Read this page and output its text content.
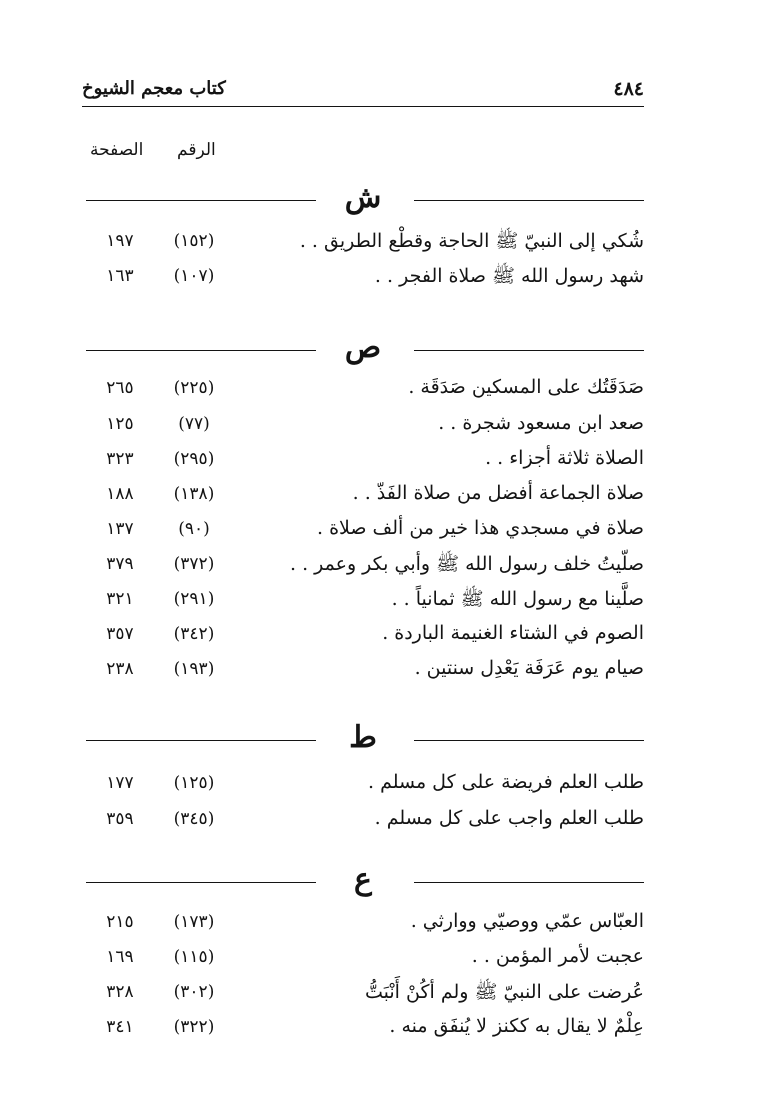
٤٨٤
كتاب معجم الشيوخ
الرقم
الصفحة
ش
شُكي إلى النبيّ ﷺ الحاجة وقطْع الطريق . .
(١٥٢)
١٩٧
شهد رسول الله ﷺ صلاة الفجر . .
(١٠٧)
١٦٣
ص
صَدَقَتُك على المسكين صَدَقَة .
(٢٢٥)
٢٦٥
صعد ابن مسعود شجرة . .
(٧٧)
١٢٥
الصلاة ثلاثة أجزاء . .
(٢٩٥)
٣٢٣
صلاة الجماعة أفضل من صلاة الفَذّ . .
(١٣٨)
١٨٨
صلاة في مسجدي هذا خير من ألف صلاة .
(٩٠)
١٣٧
صلّيتُ خلف رسول الله ﷺ وأبي بكر وعمر . .
(٣٧٢)
٣٧٩
صلَّينا مع رسول الله ﷺ ثمانياً . .
(٢٩١)
٣٢١
الصوم في الشتاء الغنيمة الباردة .
(٣٤٢)
٣٥٧
صيام يوم عَرَفَة يَعْدِل سنتين .
(١٩٣)
٢٣٨
ط
طلب العلم فريضة على كل مسلم .
(١٢٥)
١٧٧
طلب العلم واجب على كل مسلم .
(٣٤٥)
٣٥٩
ع
العبّاس عمّي ووصيّي ووارثي .
(١٧٣)
٢١٥
عجبت لأمر المؤمن . .
(١١٥)
١٦٩
عُرضت على النبيّ ﷺ ولم أكُنْ أَنْبَتُّ
(٣٠٢)
٣٢٨
عِلْمٌ لا يقال به ككنز لا يُنفَق منه .
(٣٢٢)
٣٤١
